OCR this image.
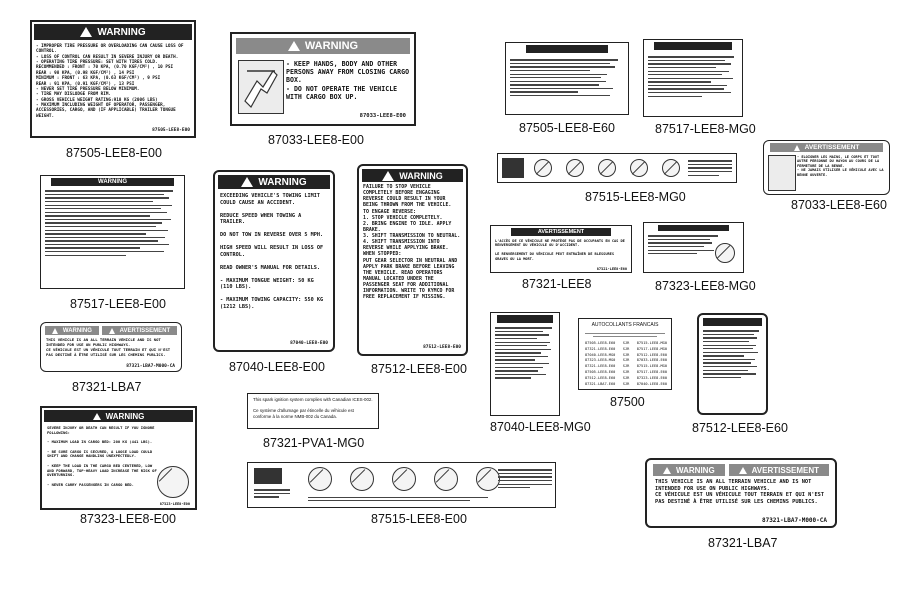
WARNING
- IMPROPER TIRE PRESSURE OR OVERLOADING CAN CAUSE LOSS OF CONTROL.
- LOSS OF CONTROL CAN RESULT IN SEVERE INJURY OR DEATH.
- OPERATING TIRE PRESSURE: SET WITH TIRES COLD.
RECOMMENDED : FRONT : 70 KPA, (0.70 KGF/CM²) , 10 PSI
REAR : 98 KPA, (0.98 KGF/CM²) , 14 PSI
MINIMUM : FRONT : 63 KPA, (0.63 KGF/CM²) , 9 PSI
REAR : 91 KPA, (0.91 KGF/CM²) , 13 PSI
- NEVER SET TIRE PRESSURE BELOW MINIMUM.
- TIRE MAY DISLODGE FROM RIM.
- GROSS VEHICLE WEIGHT RATING:910 KG (2006 LBS)
- MAXIMUM INCLUDING WEIGHT OF OPERATOR, PASSENGER, ACCESSORIES, CARGO, AND (IF APPLICABLE) TRAILER TONGUE WEIGHT.
87505-LEE8-E00
87505-LEE8-E00
WARNING
- KEEP HANDS, BODY AND OTHER PERSONS AWAY FROM CLOSING CARGO BOX.
- DO NOT OPERATE THE VEHICLE WITH CARGO BOX UP.
87033-LEE8-E00
87033-LEE8-E00
87505-LEE8-E60	87517-LEE8-MG0
87515-LEE8-MG0
AVERTISSEMENT
- ELOIGNER LES MAINS, LE CORPS ET TOUT AUTRE PERSONNE DU HAYON AU COURS DE LA FERMETURE DE LA BENNE.
- NE JAMAIS UTILISER LE VÉHICULE AVEC LA BENNE OUVERTE.
87033-LEE8-E60
WARNING
87517-LEE8-E00
WARNING
EXCEEDING VEHICLE'S TOWING LIMIT COULD CAUSE AN ACCIDENT.

REDUCE SPEED WHEN TOWING A TRAILER.

DO NOT TOW IN REVERSE OVER 5 MPH.

HIGH SPEED WILL RESULT IN LOSS OF CONTROL.

READ OWNER'S MANUAL FOR DETAILS.

- MAXIMUM TONGUE WEIGHT: 50 KG (110 LBS).

- MAXIMUM TOWING CAPACITY: 550 KG (1212 LBS).
87040-LEE8-E00
87040-LEE8-E00
WARNING
FAILURE TO STOP VEHICLE COMPLETELY BEFORE ENGAGING REVERSE COULD RESULT IN YOUR BEING THROWN FROM THE VEHICLE.
TO ENGAGE REVERSE:
1. STOP VEHICLE COMPLETELY.
2. BRING ENGINE TO IDLE. APPLY BRAKE.
3. SHIFT TRANSMISSION TO NEUTRAL.
4. SHIFT TRANSMISSION INTO REVERSE WHILE APPLYING BRAKE.
WHEN STOPPED:
PUT GEAR SELECTOR IN NEUTRAL AND APPLY PARK BRAKE BEFORE LEAVING THE VEHICLE. READ OPERATORS MANUAL LOCATED UNDER THE PASSENGER SEAT FOR ADDITIONAL INFORMATION. WRITE TO KYMCO FOR FREE REPLACEMENT IF MISSING.
87512-LEE8-E00
87512-LEE8-E00
AVERTISSEMENT
L'ACCÈS DE CE VÉHICULE NE PROTÈGE PAS DE OCCUPANTS EN CAS DE RENVERSEMENT DU VÉHICULE OU D'ACCIDENT.

LE RENVERSEMENT DU VÉHICULE PEUT ENTRAÎNER DE BLESSURES GRAVES OU LA MORT.
87321-LEE8-E60
87321-LEE8	87323-LEE8-MG0
WARNING	AVERTISSEMENT
THIS VEHICLE IS AN ALL TERRAIN VEHICLE AND IS NOT INTENDED FOR USE ON PUBLIC HIGHWAYS.
CE VÉHICULE EST UN VÉHICULE TOUT TERRAIN ET QUI N'EST PAS DESTINÉ À ÊTRE UTILISÉ SUR LES CHEMINS PUBLICS.
87321-LBA7-M000-CA
87321-LBA7
This spark ignition system complies with Canadian ICES-002.

Ce système d'allumage par étincelle du véhicule est conforme à la norme NMB-002 du Canada.
87321-PVA1-MG0
87040-LEE8-MG0
AUTOCOLLANTS FRANCAIS
87505-LEE8-E60 SJR 87515-LEE8-MG0
87321-LEE8-E60 SJR 87517-LEE8-MG0
87040-LEE8-MG0 SJR 87512-LEE8-E60
87323-LEE8-MG0 SJR 87033-LEE8-E60
87321-LEE8-E60 SJR 87515-LEE8-MG0
87505-LEE8-E60 SJR 87517-LEE8-E60
87512-LEE8-E60 SJR 87323-LEE8-E60
87321-LBA7-E60 SJR 87040-LEE8-E60
87500
87512-LEE8-E60
WARNING
SEVERE INJURY OR DEATH CAN RESULT IF YOU IGNORE FOLLOWING:

- MAXIMUM LOAD IN CARGO BED: 200 KG (441 LBS).

- BE SURE CARGO IS SECURED, A LOOSE LOAD COULD SHIFT AND CHANGE HANDLING UNEXPECTEDLY.

- KEEP THE LOAD IN THE CARGO BED CENTERED, LOW AND FORWARD, TOP-HEAVY LOAD INCREASE THE RISK OF OVERTURNING.

- NEVER CARRY PASSENGERS IN CARGO BED.
87323-LEE8-E00
87323-LEE8-E00	87515-LEE8-E00
WARNING	AVERTISSEMENT
THIS VEHICLE IS AN ALL TERRAIN VEHICLE AND IS NOT INTENDED FOR USE ON PUBLIC HIGHWAYS.
CE VÉHICULE EST UN VÉHICULE TOUT TERRAIN ET QUI N'EST PAS DESTINÉ À ÊTRE UTILISÉ SUR LES CHEMINS PUBLICS.
87321-LBA7-M000-CA
87321-LBA7
